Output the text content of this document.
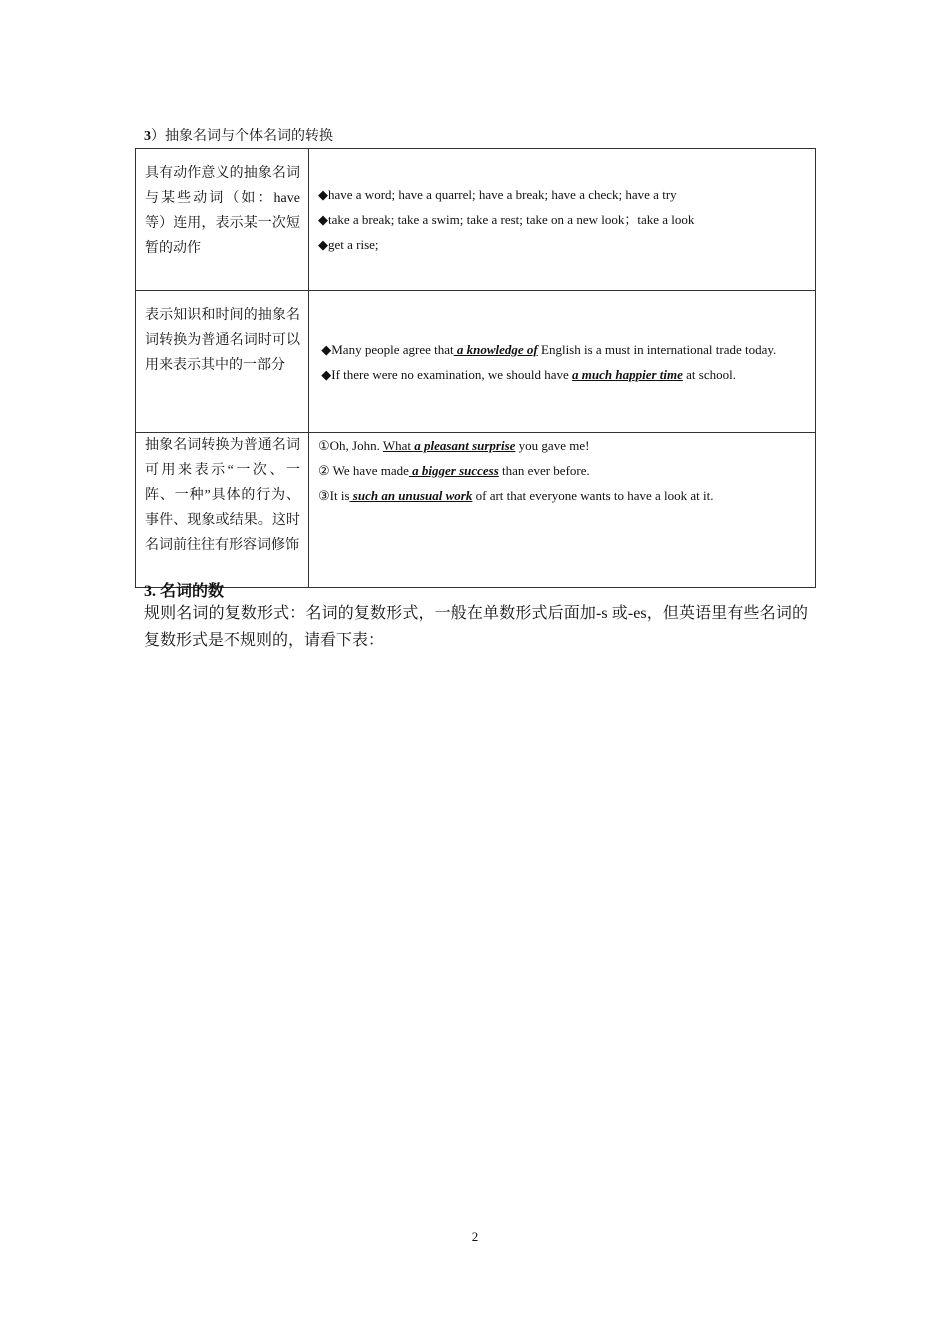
3）抽象名词与个体名词的转换
具有动作意义的抽象名词与某些动词（如：have等）连用，表示某一次短暂的动作	◆have a word; have a quarrel; have a break; have a check; have a try

◆take a break; take a swim; take a rest; take on a new look；take a look

◆get a rise;

表示知识和时间的抽象名词转换为普通名词时可以用来表示其中的一部分	◆Many people agree that a knowledge of English is a must in international trade today.

◆If there were no examination, we should have a much happier time at school.

抽象名词转换为普通名词可用来表示“一次、一阵、一种”具体的行为、事件、现象或结果。这时名词前往往有形容词修饰	①Oh, John. What a pleasant surprise you gave me!

② We have made a bigger success than ever before.

③It is such an unusual work of art that everyone wants to have a look at it.

3. 名词的数
规则名词的复数形式：名词的复数形式，一般在单数形式后面加-s 或-es，但英语里有些名词的复数形式是不规则的，请看下表：
2
